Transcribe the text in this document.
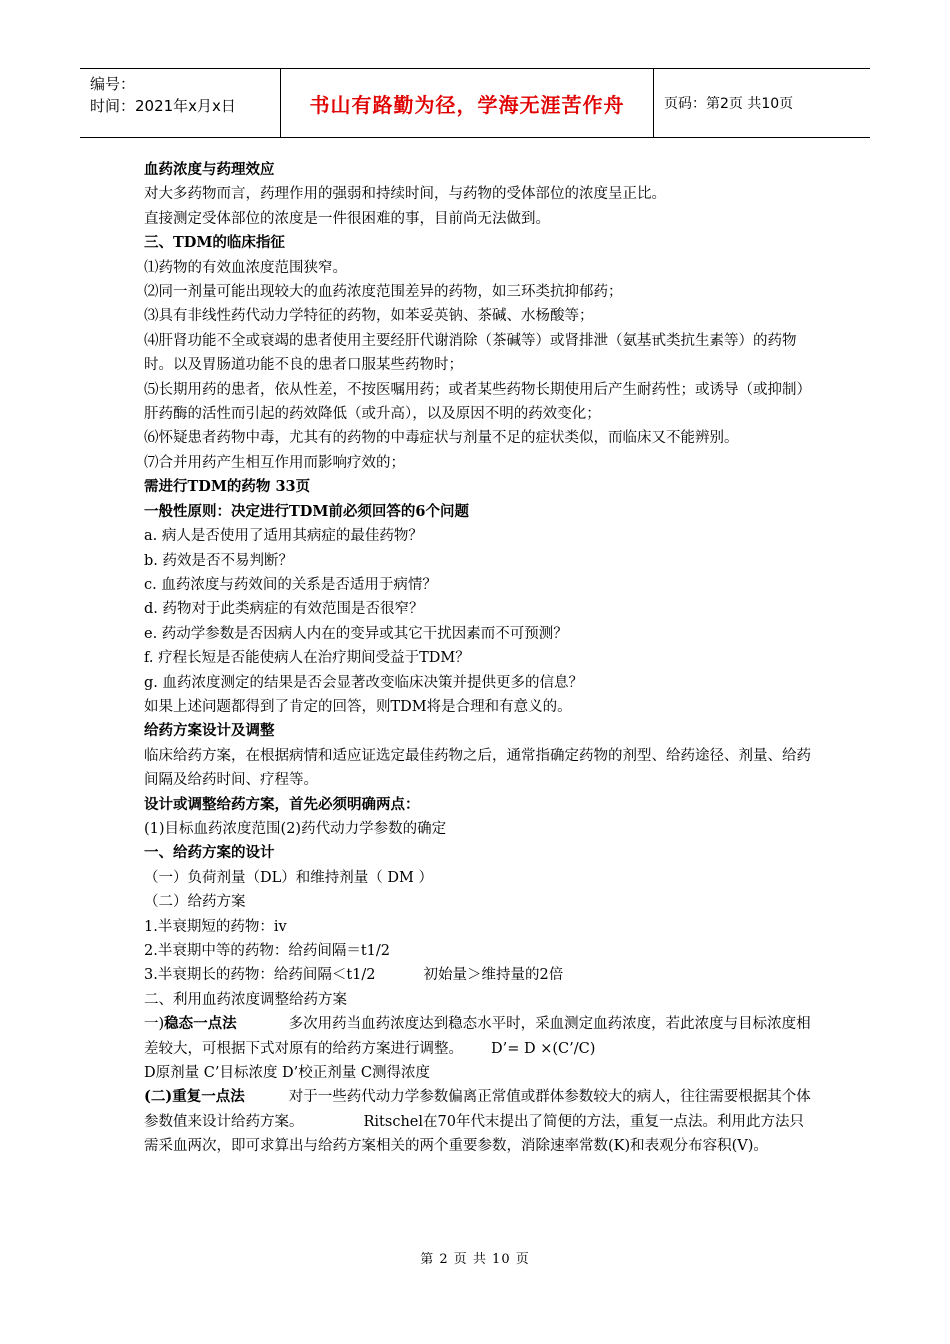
编号：
时间：2021年x月x日	书山有路勤为径，学海无涯苦作舟	页码：第2页 共10页

血药浓度与药理效应

对大多药物而言，药理作用的强弱和持续时间，与药物的受体部位的浓度呈正比。

直接测定受体部位的浓度是一件很困难的事，目前尚无法做到。

三、TDM的临床指征

⑴药物的有效血浓度范围狭窄。

⑵同一剂量可能出现较大的血药浓度范围差异的药物，如三环类抗抑郁药；

⑶具有非线性药代动力学特征的药物，如苯妥英钠、茶碱、水杨酸等；

⑷肝肾功能不全或衰竭的患者使用主要经肝代谢消除（茶碱等）或肾排泄（氨基甙类抗生素等）的药物时。以及胃肠道功能不良的患者口服某些药物时；

⑸长期用药的患者，依从性差，不按医嘱用药；或者某些药物长期使用后产生耐药性；或诱导（或抑制）肝药酶的活性而引起的药效降低（或升高），以及原因不明的药效变化；

⑹怀疑患者药物中毒，尤其有的药物的中毒症状与剂量不足的症状类似，而临床又不能辨别。

⑺合并用药产生相互作用而影响疗效的；

需进行TDM的药物 33页

一般性原则：决定进行TDM前必须回答的6个问题

a. 病人是否使用了适用其病症的最佳药物？

b. 药效是否不易判断？

c. 血药浓度与药效间的关系是否适用于病情？

d. 药物对于此类病症的有效范围是否很窄？

e. 药动学参数是否因病人内在的变异或其它干扰因素而不可预测？

f. 疗程长短是否能使病人在治疗期间受益于TDM？

g. 血药浓度测定的结果是否会显著改变临床决策并提供更多的信息？

如果上述问题都得到了肯定的回答，则TDM将是合理和有意义的。

给药方案设计及调整

临床给药方案，在根据病情和适应证选定最佳药物之后，通常指确定药物的剂型、给药途径、剂量、给药间隔及给药时间、疗程等。

设计或调整给药方案，首先必须明确两点：

(1)目标血药浓度范围(2)药代动力学参数的确定

一、给药方案的设计

（一）负荷剂量（DL）和维持剂量（ DM ）

（二）给药方案

1.半衰期短的药物：iv

2.半衰期中等的药物：给药间隔＝t1/2

3.半衰期长的药物：给药间隔＜t1/2	初始量＞维持量的2倍

二、利用血药浓度调整给药方案

一)稳态一点法	多次用药当血药浓度达到稳态水平时，采血测定血药浓度，若此浓度与目标浓度相差较大，可根据下式对原有的给药方案进行调整。 D’= D ×(C’/C)

D原剂量 C’目标浓度 D’校正剂量 C测得浓度

(二)重复一点法	对于一些药代动力学参数偏离正常值或群体参数较大的病人，往往需要根据其个体参数值来设计给药方案。	Ritschel在70年代末提出了简便的方法，重复一点法。利用此方法只需采血两次，即可求算出与给药方案相关的两个重要参数，消除速率常数(K)和表观分布容积(V)。

第 2 页 共 10 页
